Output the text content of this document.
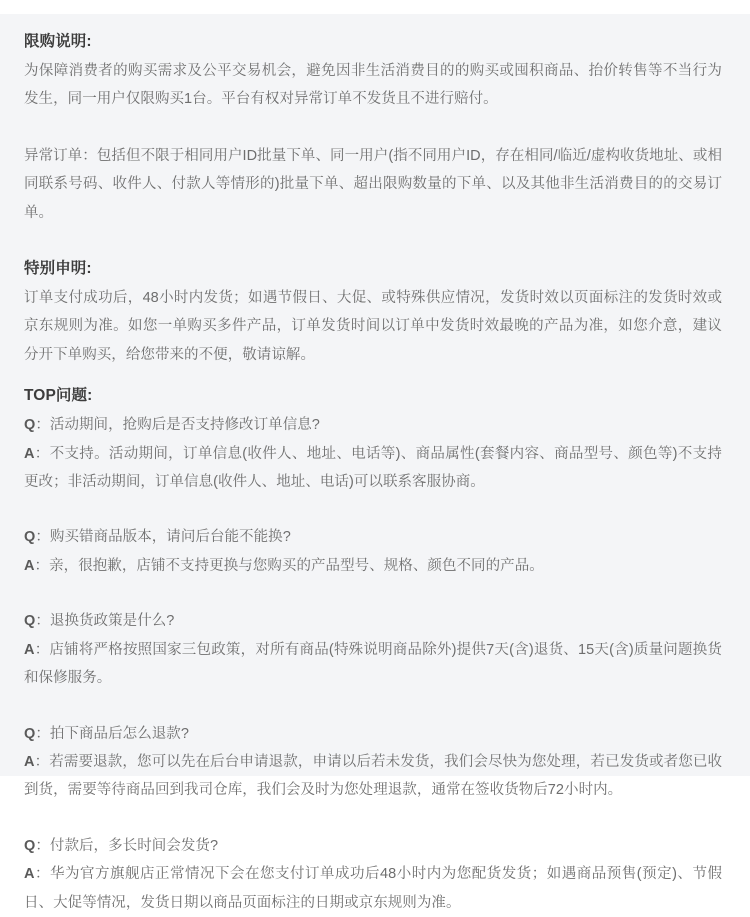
限购说明:

为保障消费者的购买需求及公平交易机会，避免因非生活消费目的的购买或囤积商品、抬价转售等不当行为发生，同一用户仅限购买1台。平台有权对异常订单不发货且不进行赔付。

异常订单：包括但不限于相同用户ID批量下单、同一用户(指不同用户ID，存在相同/临近/虚构收货地址、或相同联系号码、收件人、付款人等情形的)批量下单、超出限购数量的下单、以及其他非生活消费目的的交易订单。

特别申明:

订单支付成功后，48小时内发货；如遇节假日、大促、或特殊供应情况，发货时效以页面标注的发货时效或京东规则为准。如您一单购买多件产品，订单发货时间以订单中发货时效最晚的产品为准，如您介意，建议分开下单购买，给您带来的不便，敬请谅解。

TOP问题:

Q：活动期间，抢购后是否支持修改订单信息?

A：不支持。活动期间，订单信息(收件人、地址、电话等)、商品属性(套餐内容、商品型号、颜色等)不支持更改；非活动期间，订单信息(收件人、地址、电话)可以联系客服协商。

Q：购买错商品版本，请问后台能不能换?

A：亲，很抱歉，店铺不支持更换与您购买的产品型号、规格、颜色不同的产品。

Q：退换货政策是什么?

A：店铺将严格按照国家三包政策，对所有商品(特殊说明商品除外)提供7天(含)退货、15天(含)质量问题换货和保修服务。

Q：拍下商品后怎么退款?

A：若需要退款，您可以先在后台申请退款，申请以后若未发货，我们会尽快为您处理，若已发货或者您已收到货，需要等待商品回到我司仓库，我们会及时为您处理退款，通常在签收货物后72小时内。

Q：付款后，多长时间会发货?

A：华为官方旗舰店正常情况下会在您支付订单成功后48小时内为您配货发货；如遇商品预售(预定)、节假日、大促等情况，发货日期以商品页面标注的日期或京东规则为准。
